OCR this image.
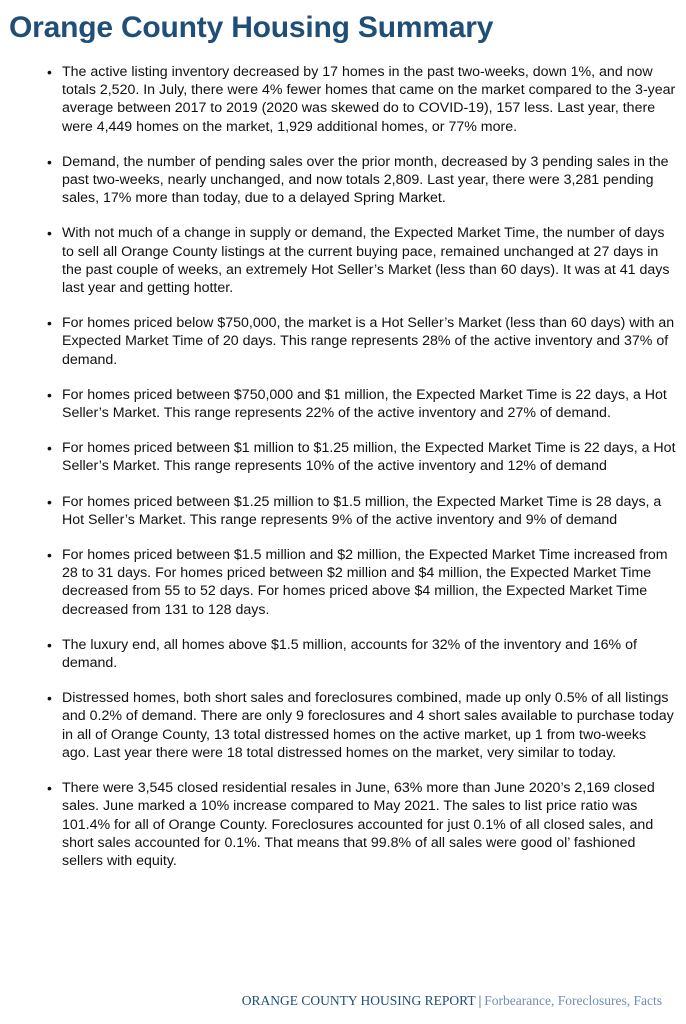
Orange County Housing Summary
• The active listing inventory decreased by 17 homes in the past two-weeks, down 1%, and now totals 2,520. In July, there were 4% fewer homes that came on the market compared to the 3-year average between 2017 to 2019 (2020 was skewed do to COVID-19), 157 less. Last year, there were 4,449 homes on the market, 1,929 additional homes, or 77% more.
• Demand, the number of pending sales over the prior month, decreased by 3 pending sales in the past two-weeks, nearly unchanged, and now totals 2,809. Last year, there were 3,281 pending sales, 17% more than today, due to a delayed Spring Market.
• With not much of a change in supply or demand, the Expected Market Time, the number of days to sell all Orange County listings at the current buying pace, remained unchanged at 27 days in the past couple of weeks, an extremely Hot Seller’s Market (less than 60 days). It was at 41 days last year and getting hotter.
• For homes priced below $750,000, the market is a Hot Seller’s Market (less than 60 days) with an Expected Market Time of 20 days. This range represents 28% of the active inventory and 37% of demand.
• For homes priced between $750,000 and $1 million, the Expected Market Time is 22 days, a Hot Seller’s Market. This range represents 22% of the active inventory and 27% of demand.
• For homes priced between $1 million to $1.25 million, the Expected Market Time is 22 days, a Hot Seller’s Market. This range represents 10% of the active inventory and 12% of demand
• For homes priced between $1.25 million to $1.5 million, the Expected Market Time is 28 days, a Hot Seller’s Market. This range represents 9% of the active inventory and 9% of demand
• For homes priced between $1.5 million and $2 million, the Expected Market Time increased from 28 to 31 days. For homes priced between $2 million and $4 million, the Expected Market Time decreased from 55 to 52 days. For homes priced above $4 million, the Expected Market Time decreased from 131 to 128 days.
• The luxury end, all homes above $1.5 million, accounts for 32% of the inventory and 16% of demand.
• Distressed homes, both short sales and foreclosures combined, made up only 0.5% of all listings and 0.2% of demand. There are only 9 foreclosures and 4 short sales available to purchase today in all of Orange County, 13 total distressed homes on the active market, up 1 from two-weeks ago. Last year there were 18 total distressed homes on the market, very similar to today.
• There were 3,545 closed residential resales in June, 63% more than June 2020’s 2,169 closed sales. June marked a 10% increase compared to May 2021. The sales to list price ratio was 101.4% for all of Orange County. Foreclosures accounted for just 0.1% of all closed sales, and short sales accounted for 0.1%. That means that 99.8% of all sales were good ol’ fashioned sellers with equity.
ORANGE COUNTY HOUSING REPORT | Forbearance, Foreclosures, Facts
